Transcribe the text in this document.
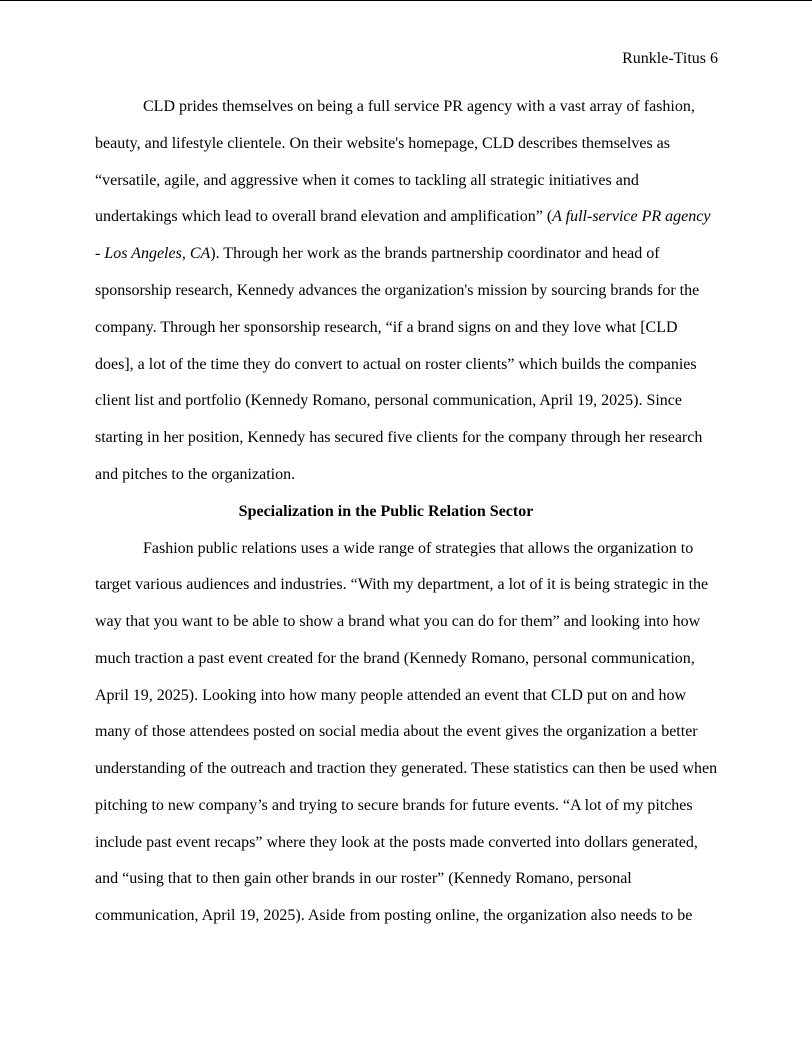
Runkle-Titus 6
CLD prides themselves on being a full service PR agency with a vast array of fashion,
beauty, and lifestyle clientele. On their website's homepage, CLD describes themselves as
“versatile, agile, and aggressive when it comes to tackling all strategic initiatives and
undertakings which lead to overall brand elevation and amplification” (A full-service PR agency
- Los Angeles, CA). Through her work as the brands partnership coordinator and head of
sponsorship research, Kennedy advances the organization's mission by sourcing brands for the
company. Through her sponsorship research, “if a brand signs on and they love what [CLD
does], a lot of the time they do convert to actual on roster clients” which builds the companies
client list and portfolio (Kennedy Romano, personal communication, April 19, 2025). Since
starting in her position, Kennedy has secured five clients for the company through her research
and pitches to the organization.
Specialization in the Public Relation Sector
Fashion public relations uses a wide range of strategies that allows the organization to
target various audiences and industries. “With my department, a lot of it is being strategic in the
way that you want to be able to show a brand what you can do for them” and looking into how
much traction a past event created for the brand (Kennedy Romano, personal communication,
April 19, 2025). Looking into how many people attended an event that CLD put on and how
many of those attendees posted on social media about the event gives the organization a better
understanding of the outreach and traction they generated. These statistics can then be used when
pitching to new company’s and trying to secure brands for future events. “A lot of my pitches
include past event recaps” where they look at the posts made converted into dollars generated,
and “using that to then gain other brands in our roster” (Kennedy Romano, personal
communication, April 19, 2025). Aside from posting online, the organization also needs to be
